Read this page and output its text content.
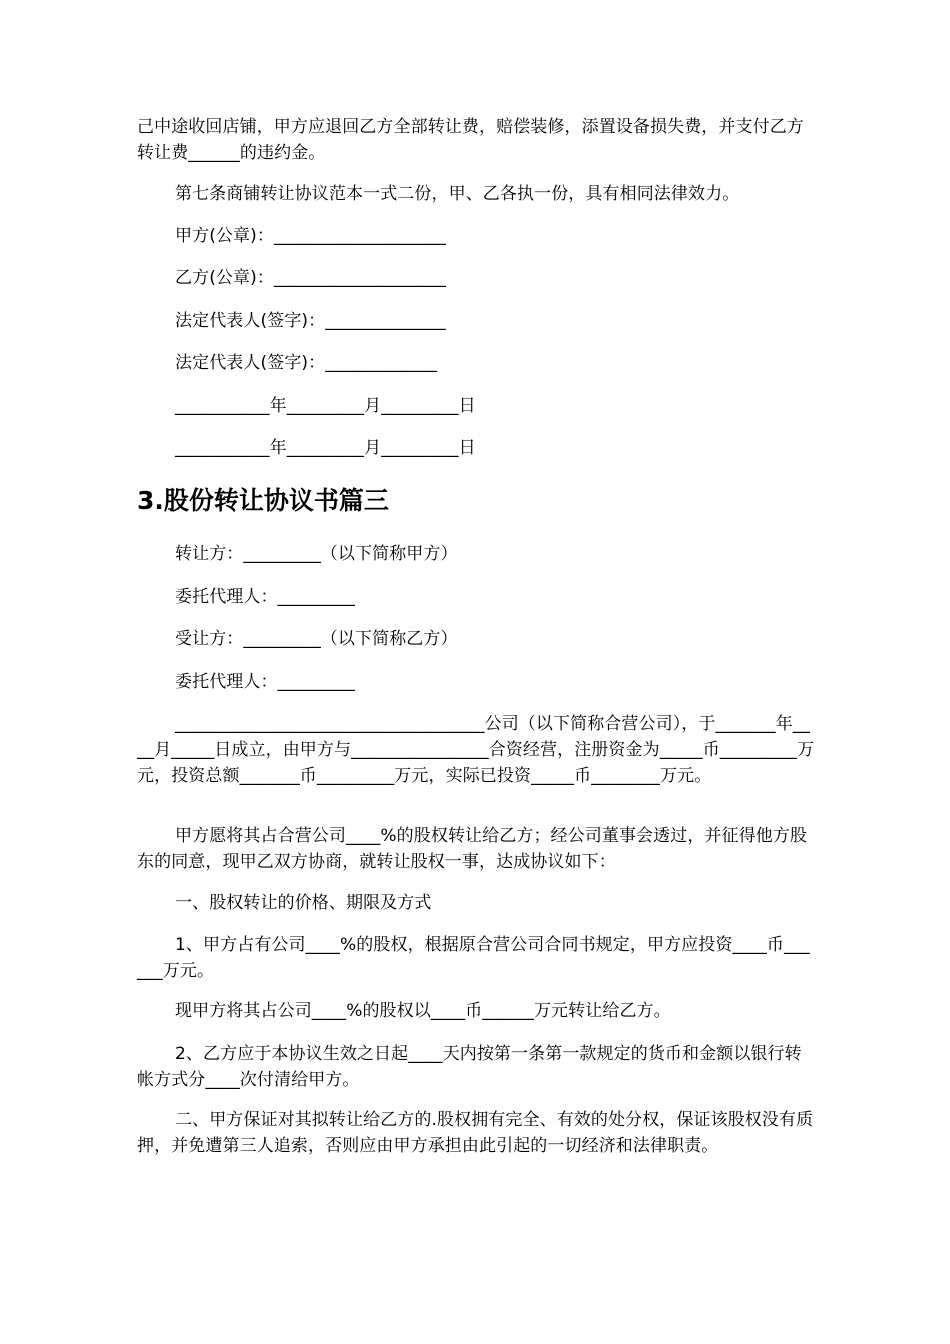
己中途收回店铺，甲方应退回乙方全部转让费，赔偿装修，添置设备损失费，并支付乙方转让费______的违约金。

第七条商铺转让协议范本一式二份，甲、乙各执一份，具有相同法律效力。

甲方(公章)：____________________

乙方(公章)：____________________

法定代表人(签字)：______________

法定代表人(签字)：_____________

___________年_________月_________日

___________年_________月_________日

3.股份转让协议书篇三

转让方：_________（以下简称甲方）

委托代理人：_________

受让方：_________（以下简称乙方）

委托代理人：_________

____________________________________公司（以下简称合营公司），于_______年____月_____日成立，由甲方与________________合资经营，注册资金为_____币_________万元，投资总额_______币_________万元，实际已投资_____币________万元。

甲方愿将其占合营公司____%的股权转让给乙方；经公司董事会透过，并征得他方股东的同意，现甲乙双方协商，就转让股权一事，达成协议如下：

一、股权转让的价格、期限及方式

1、甲方占有公司____%的股权，根据原合营公司合同书规定，甲方应投资____币______万元。

现甲方将其占公司____%的股权以____币______万元转让给乙方。

2、乙方应于本协议生效之日起____天内按第一条第一款规定的货币和金额以银行转帐方式分____次付清给甲方。

二、甲方保证对其拟转让给乙方的.股权拥有完全、有效的处分权，保证该股权没有质押，并免遭第三人追索，否则应由甲方承担由此引起的一切经济和法律职责。
